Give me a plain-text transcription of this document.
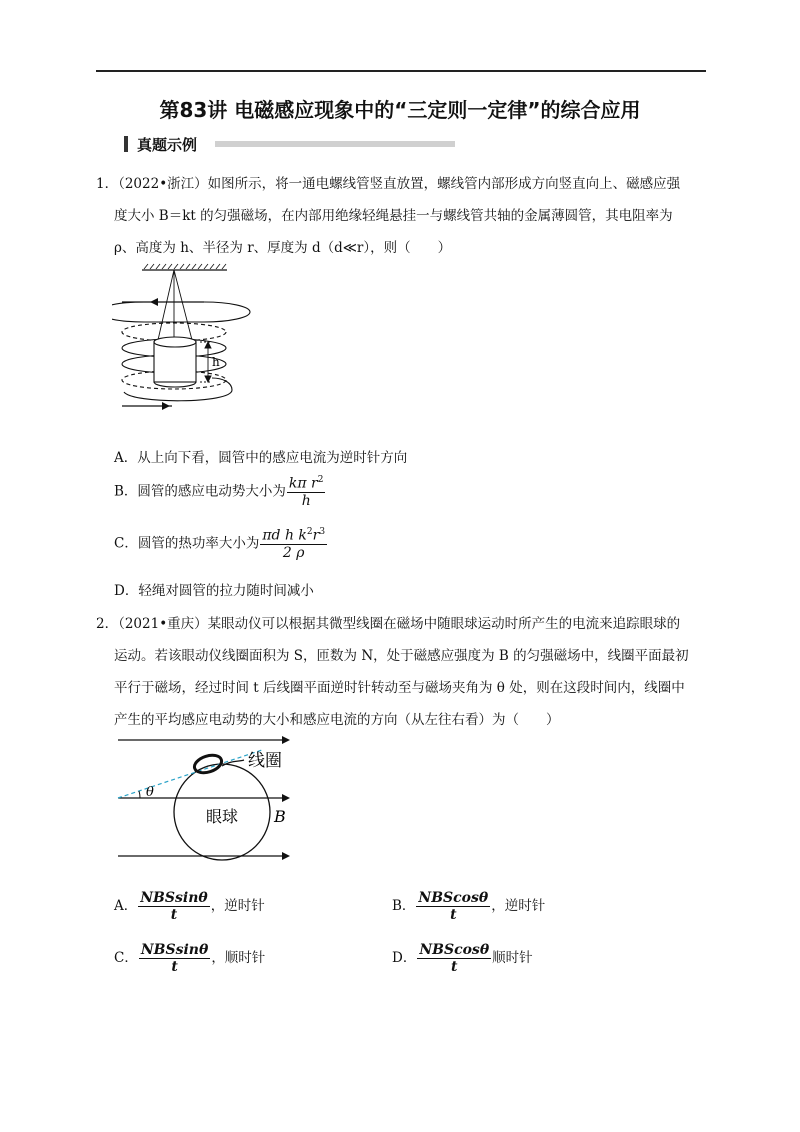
第83讲 电磁感应现象中的“三定则一定律”的综合应用
真题示例
1．（2022•浙江）如图所示，将一通电螺线管竖直放置，螺线管内部形成方向竖直向上、磁感应强
度大小 B＝kt 的匀强磁场，在内部用绝缘轻绳悬挂一与螺线管共轴的金属薄圆管，其电阻率为
ρ、高度为 h、半径为 r、厚度为 d（d≪r），则（　　）
h
A．从上向下看，圆管中的感应电流为逆时针方向
B．圆管的感应电动势大小为 $\frac{k\pi r^2}{h}$
C．圆管的热功率大小为 $\frac{\pi d h k^2r^3}{2 \rho}$
D．轻绳对圆管的拉力随时间减小
2．（2021•重庆）某眼动仪可以根据其微型线圈在磁场中随眼球运动时所产生的电流来追踪眼球的
运动。若该眼动仪线圈面积为 S，匝数为 N，处于磁感应强度为 B 的匀强磁场中，线圈平面最初
平行于磁场，经过时间 t 后线圈平面逆时针转动至与磁场夹角为 θ 处，则在这段时间内，线圈中
产生的平均感应电动势的大小和感应电流的方向（从左往右看）为（　　）
θ
线圈
眼球 B
A． $\frac{\text{NBSsinθ}}{t}$ ，逆时针	B． $\frac{\text{NBScosθ}}{t}$ ，逆时针
C． $\frac{\text{NBSsinθ}}{t}$ ，顺时针	D． $\frac{\text{NBScosθ}}{t}$ 顺时针
